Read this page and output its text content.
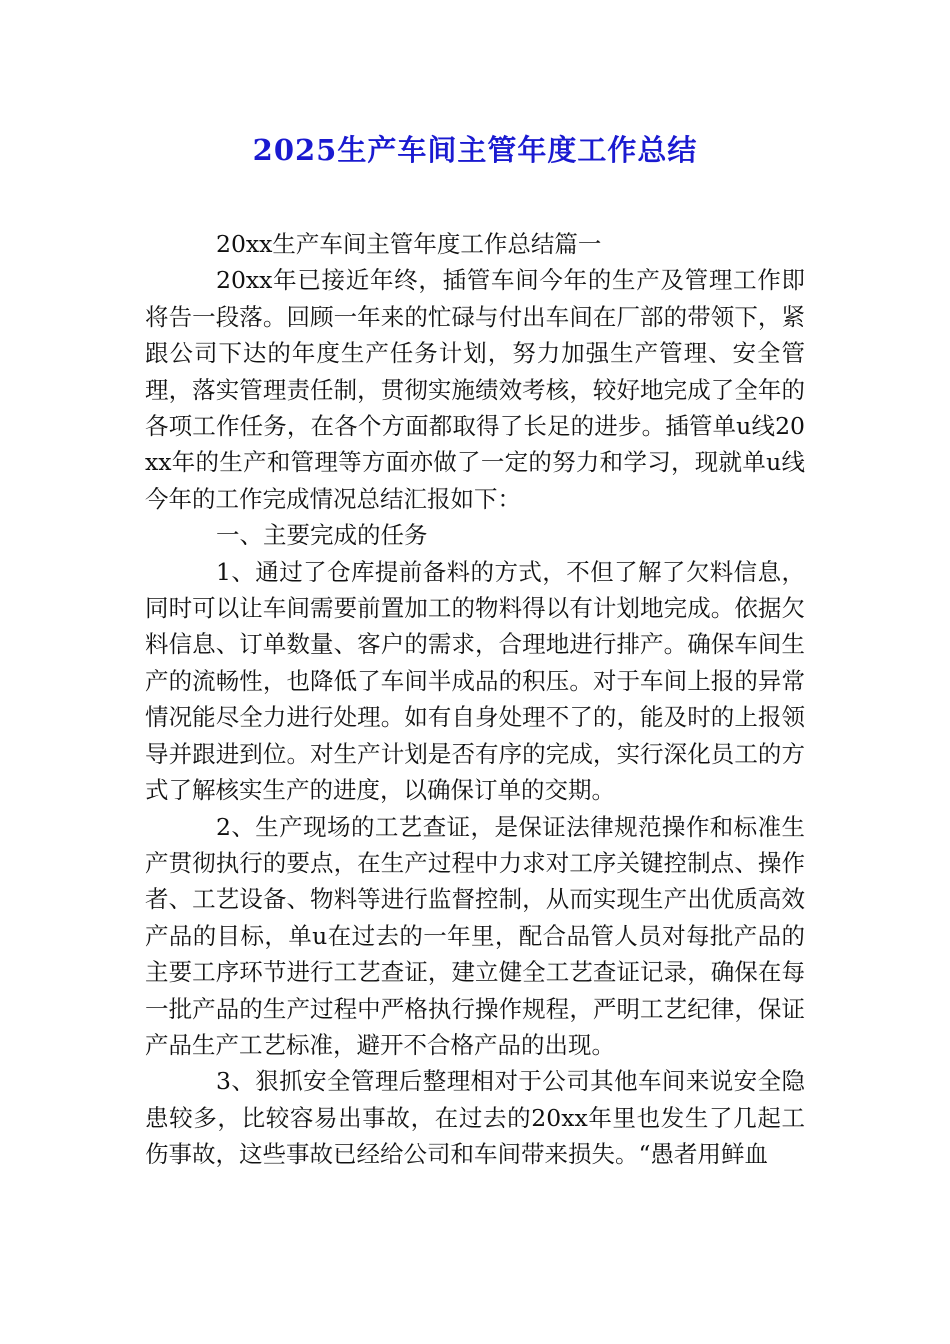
2025生产车间主管年度工作总结

20xx生产车间主管年度工作总结篇一

20xx年已接近年终，插管车间今年的生产及管理工作即将告一段落。回顾一年来的忙碌与付出车间在厂部的带领下，紧跟公司下达的年度生产任务计划，努力加强生产管理、安全管理，落实管理责任制，贯彻实施绩效考核，较好地完成了全年的各项工作任务，在各个方面都取得了长足的进步。插管单u线20xx年的生产和管理等方面亦做了一定的努力和学习，现就单u线今年的工作完成情况总结汇报如下：

一、主要完成的任务

1、通过了仓库提前备料的方式，不但了解了欠料信息，同时可以让车间需要前置加工的物料得以有计划地完成。依据欠料信息、订单数量、客户的需求，合理地进行排产。确保车间生产的流畅性，也降低了车间半成品的积压。对于车间上报的异常情况能尽全力进行处理。如有自身处理不了的，能及时的上报领导并跟进到位。对生产计划是否有序的完成，实行深化员工的方式了解核实生产的进度，以确保订单的交期。

2、生产现场的工艺查证，是保证法律规范操作和标准生产贯彻执行的要点，在生产过程中力求对工序关键控制点、操作者、工艺设备、物料等进行监督控制，从而实现生产出优质高效产品的目标，单u在过去的一年里，配合品管人员对每批产品的主要工序环节进行工艺查证，建立健全工艺查证记录，确保在每一批产品的生产过程中严格执行操作规程，严明工艺纪律，保证产品生产工艺标准，避开不合格产品的出现。

3、狠抓安全管理后整理相对于公司其他车间来说安全隐患较多，比较容易出事故，在过去的20xx年里也发生了几起工伤事故，这些事故已经给公司和车间带来损失。“愚者用鲜血
